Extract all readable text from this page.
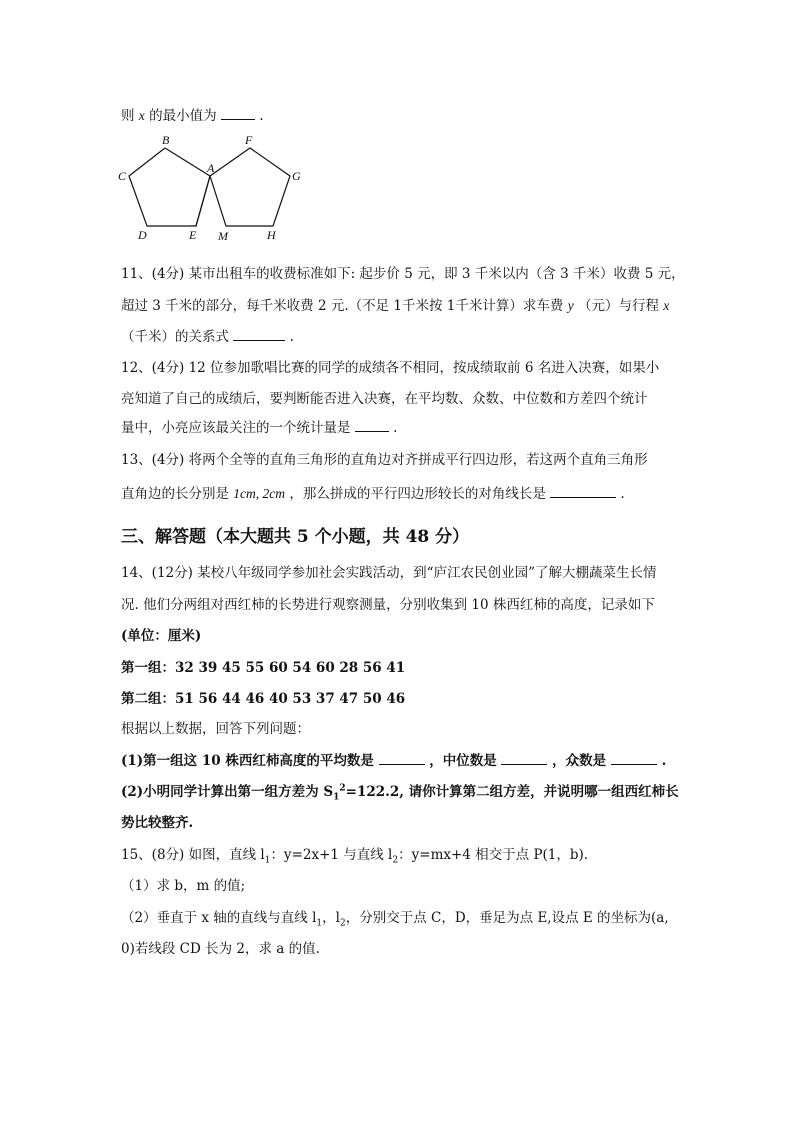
则 x 的最小值为	.
B	F
A
C	G
D	E M	H
11、(4分) 某市出租车的收费标准如下: 起步价 5 元，即 3 千米以内（含 3 千米）收费 5 元，
超过 3 千米的部分，每千米收费 2 元.（不足 1千米按 1千米计算）求车费 y （元）与行程 x
（千米）的关系式	.
12、(4分) 12 位参加歌唱比赛的同学的成绩各不相同，按成绩取前 6 名进入决赛，如果小
亮知道了自己的成绩后，要判断能否进入决赛，在平均数、众数、中位数和方差四个统计
量中，小亮应该最关注的一个统计量是	.
13、(4分) 将两个全等的直角三角形的直角边对齐拼成平行四边形，若这两个直角三角形
直角边的长分别是 1cm, 2cm ，那么拼成的平行四边形较长的对角线长是	.
三、解答题（本大题共 5 个小题，共 48 分）
14、(12分) 某校八年级同学参加社会实践活动，到“庐江农民创业园”了解大棚蔬菜生长情
况. 他们分两组对西红柿的长势进行观察测量，分别收集到 10 株西红柿的高度，记录如下
(单位：厘米)
第一组：32 39 45 55 60 54 60 28 56 41
第二组：51 56 44 46 40 53 37 47 50 46
根据以上数据，回答下列问题：
(1)第一组这 10 株西红柿高度的平均数是	，中位数是	，众数是	.
(2)小明同学计算出第一组方差为 $S_1^2=122.2$, 请你计算第二组方差，并说明哪一组西红柿长
势比较整齐.
15、(8分) 如图，直线 $l_1$：y=2x+1 与直线 $l_2$：y=mx+4 相交于点 P(1，b).
（1）求 b，m 的值;
（2）垂直于 x 轴的直线与直线 $l_1$，$l_2$，分别交于点 C，D，垂足为点 E,设点 E 的坐标为(a,
0)若线段 CD 长为 2，求 a 的值.
